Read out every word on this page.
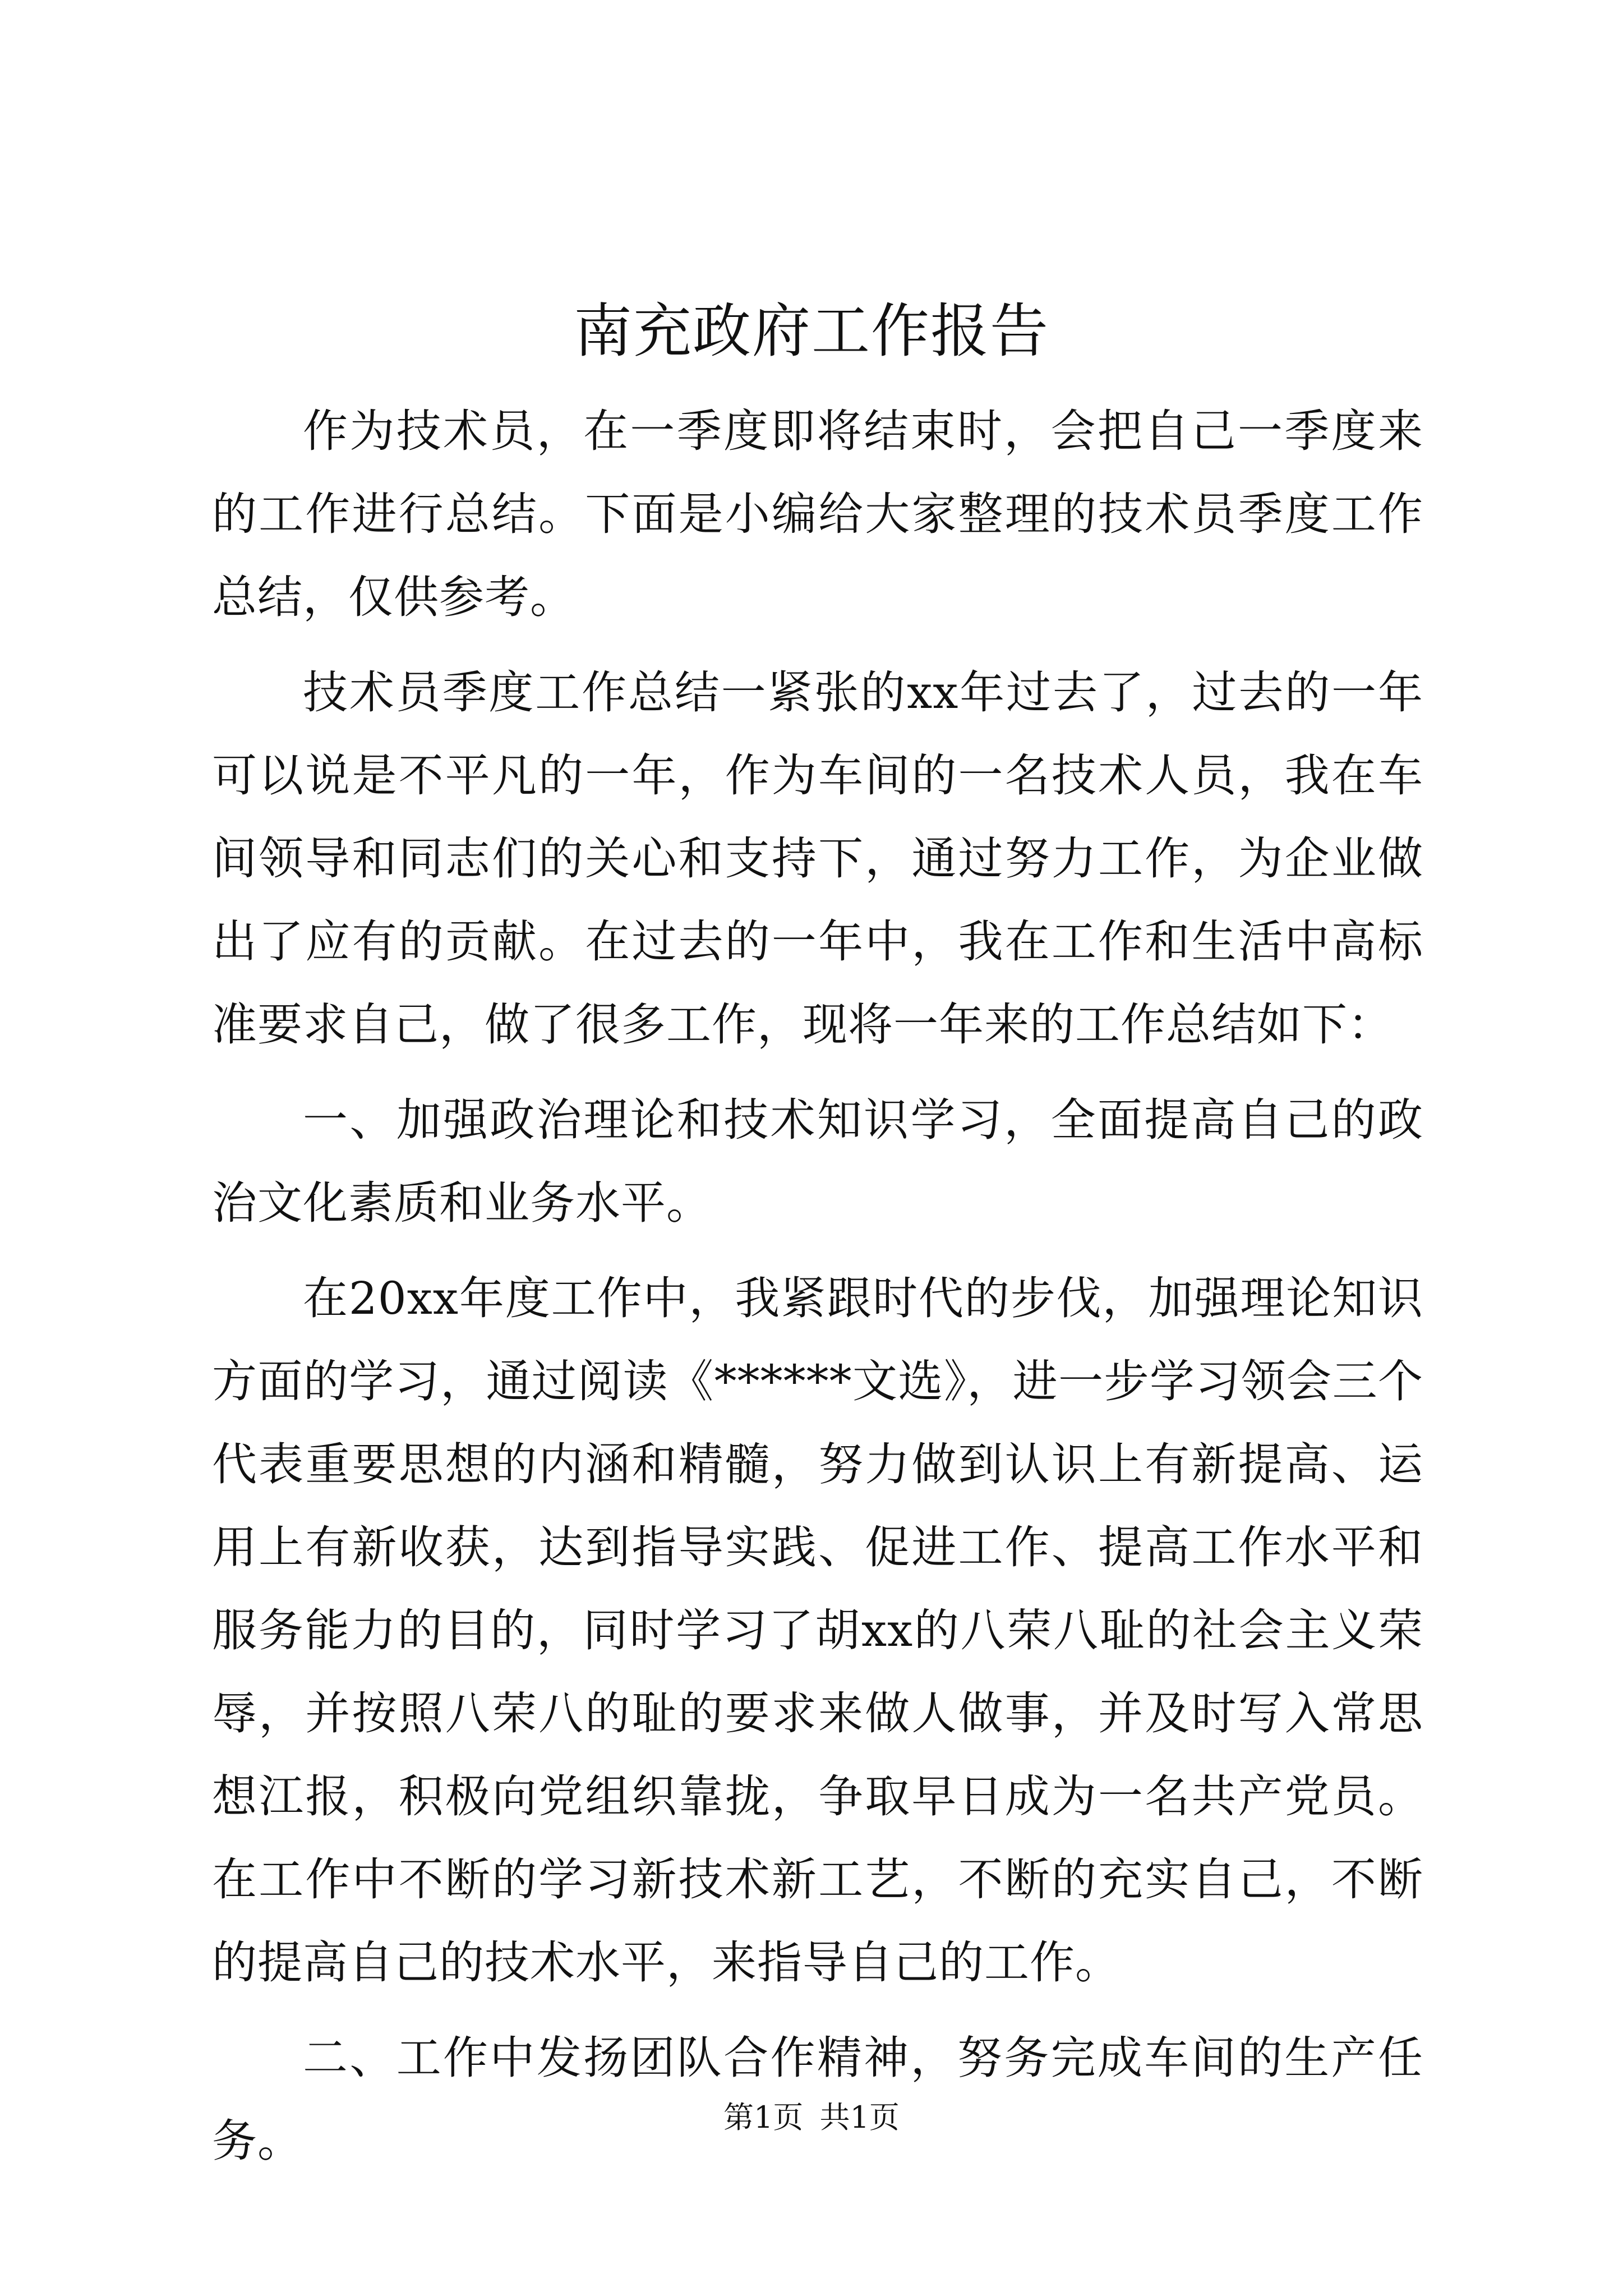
南充政府工作报告

作为技术员，在一季度即将结束时，会把自己一季度来的工作进行总结。下面是小编给大家整理的技术员季度工作总结，仅供参考。

技术员季度工作总结一紧张的xx年过去了，过去的一年可以说是不平凡的一年，作为车间的一名技术人员，我在车间领导和同志们的关心和支持下，通过努力工作，为企业做出了应有的贡献。在过去的一年中，我在工作和生活中高标准要求自己，做了很多工作，现将一年来的工作总结如下：

一、加强政治理论和技术知识学习，全面提高自己的政治文化素质和业务水平。

在20xx年度工作中，我紧跟时代的步伐，加强理论知识方面的学习，通过阅读《******文选》，进一步学习领会三个代表重要思想的内涵和精髓，努力做到认识上有新提高、运用上有新收获，达到指导实践、促进工作、提高工作水平和服务能力的目的，同时学习了胡xx的八荣八耻的社会主义荣辱，并按照八荣八的耻的要求来做人做事，并及时写入常思想江报，积极向党组织靠拢，争取早日成为一名共产党员。在工作中不断的学习新技术新工艺，不断的充实自己，不断的提高自己的技术水平，来指导自己的工作。

二、工作中发扬团队合作精神，努务完成车间的生产任务。	第1页 共1页
